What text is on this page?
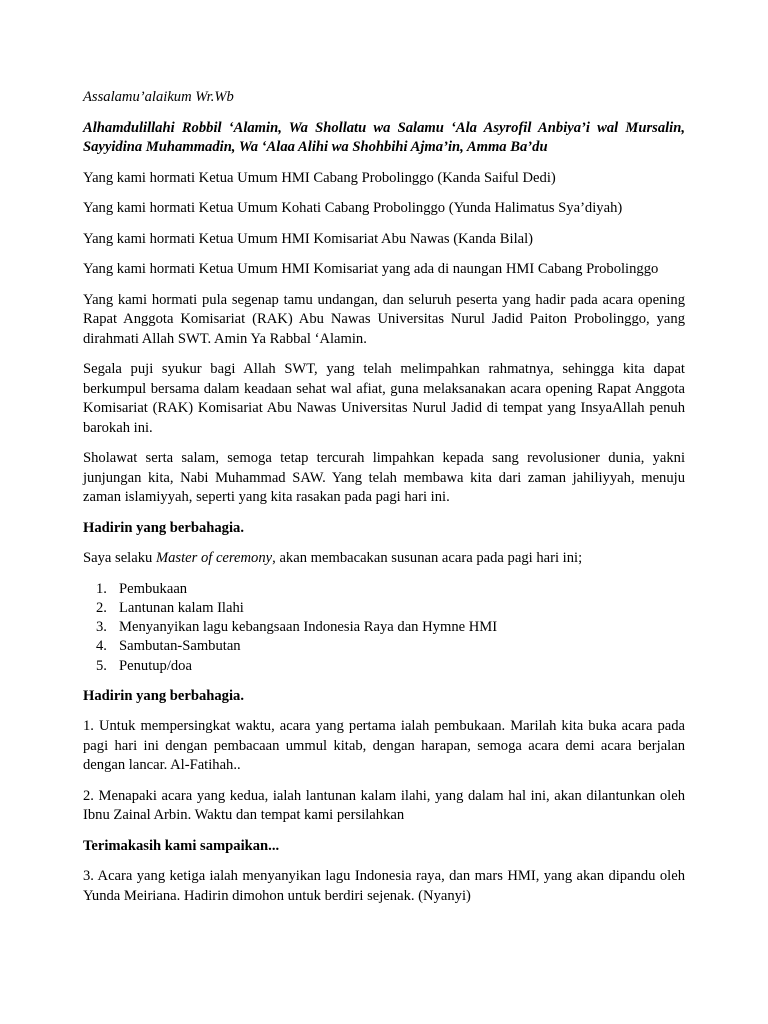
Assalamu’alaikum Wr.Wb

Alhamdulillahi Robbil ‘Alamin, Wa Shollatu wa Salamu ‘Ala Asyrofil Anbiya’i wal Mursalin, Sayyidina Muhammadin, Wa ‘Alaa Alihi wa Shohbihi Ajma’in, Amma Ba’du

Yang kami hormati Ketua Umum HMI Cabang Probolinggo (Kanda Saiful Dedi)

Yang kami hormati Ketua Umum Kohati Cabang Probolinggo (Yunda Halimatus Sya’diyah)

Yang kami hormati Ketua Umum HMI Komisariat Abu Nawas (Kanda Bilal)

Yang kami hormati Ketua Umum HMI Komisariat yang ada di naungan HMI Cabang Probolinggo

Yang kami hormati pula segenap tamu undangan, dan seluruh peserta yang hadir pada acara opening Rapat Anggota Komisariat (RAK) Abu Nawas Universitas Nurul Jadid Paiton Probolinggo, yang dirahmati Allah SWT. Amin Ya Rabbal ‘Alamin.

Segala puji syukur bagi Allah SWT, yang telah melimpahkan rahmatnya, sehingga kita dapat berkumpul bersama dalam keadaan sehat wal afiat, guna melaksanakan acara opening Rapat Anggota Komisariat (RAK) Komisariat Abu Nawas Universitas Nurul Jadid di tempat yang InsyaAllah penuh barokah ini.

Sholawat serta salam, semoga tetap tercurah limpahkan kepada sang revolusioner dunia, yakni junjungan kita, Nabi Muhammad SAW. Yang telah membawa kita dari zaman jahiliyyah, menuju zaman islamiyyah, seperti yang kita rasakan pada pagi hari ini.

Hadirin yang berbahagia.

Saya selaku Master of ceremony, akan membacakan susunan acara pada pagi hari ini;

1. Pembukaan
2. Lantunan kalam Ilahi
3. Menyanyikan lagu kebangsaan Indonesia Raya dan Hymne HMI
4. Sambutan-Sambutan
5. Penutup/doa

Hadirin yang berbahagia.

1. Untuk mempersingkat waktu, acara yang pertama ialah pembukaan. Marilah kita buka acara pada pagi hari ini dengan pembacaan ummul kitab, dengan harapan, semoga acara demi acara berjalan dengan lancar. Al-Fatihah..

2. Menapaki acara yang kedua, ialah lantunan kalam ilahi, yang dalam hal ini, akan dilantunkan oleh Ibnu Zainal Arbin. Waktu dan tempat kami persilahkan

Terimakasih kami sampaikan...

3. Acara yang ketiga ialah menyanyikan lagu Indonesia raya, dan mars HMI, yang akan dipandu oleh Yunda Meiriana. Hadirin dimohon untuk berdiri sejenak. (Nyanyi)
